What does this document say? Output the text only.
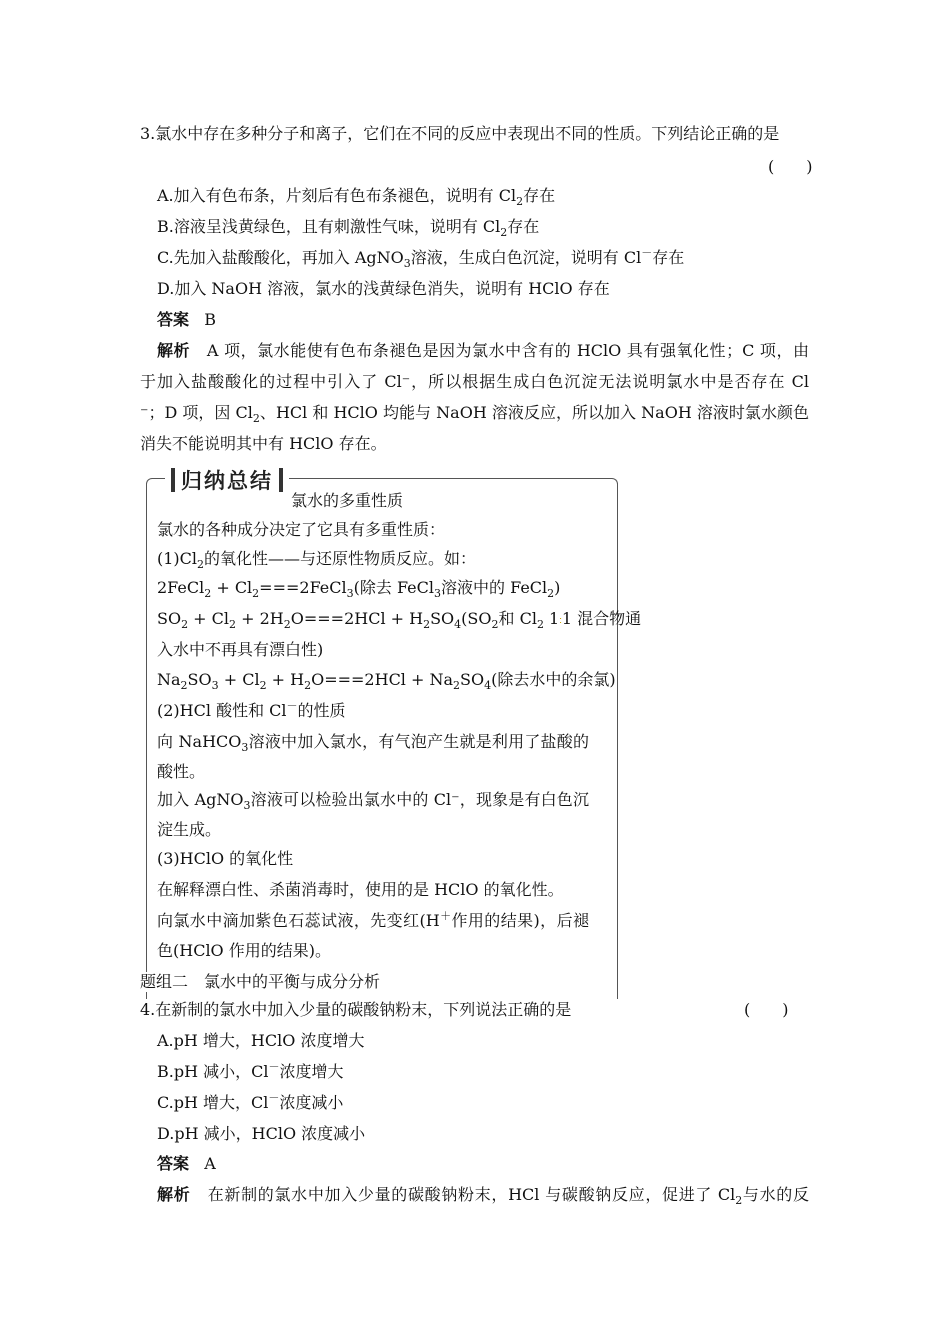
3.氯水中存在多种分子和离子，它们在不同的反应中表现出不同的性质。下列结论正确的是
(　　)
A.加入有色布条，片刻后有色布条褪色，说明有 $Cl_2$存在
B.溶液呈浅黄绿色，且有刺激性气味，说明有 $Cl_2$存在
C.先加入盐酸酸化，再加入 AgNO$_3$溶液，生成白色沉淀，说明有 Cl－存在
D.加入 NaOH 溶液，氯水的浅黄绿色消失，说明有 HClO 存在
答案 B
解析 A 项，氯水能使有色布条褪色是因为氯水中含有的 HClO 具有强氧化性；C 项，由
于加入盐酸酸化的过程中引入了 Cl⁻，所以根据生成白色沉淀无法说明氯水中是否存在 Cl
⁻；D 项，因 $Cl_2$、HCl 和 HClO 均能与 NaOH 溶液反应，所以加入 NaOH 溶液时氯水颜色
消失不能说明其中有 HClO 存在。
归纳总结
氯水的多重性质
氯水的各种成分决定了它具有多重性质：
$(1)Cl_2$的氧化性——与还原性物质反应。如：
2FeCl$_2$ + $Cl_2===2FeCl_3$(除去 FeCl$_3$溶液中的 FeCl$_2$)
$SO_2 + Cl_2 + 2H_2O===2HCl + H_2SO_4(SO_2$和 $Cl_2$ 1∶1 混合物通
入水中不再具有漂白性)
$Na_2SO_3 + Cl_2 + H_2O===2HCl + Na_2SO_4$(除去水中的余氯)
(2)HCl 酸性和 Cl－的性质
向 NaHCO$_3$溶液中加入氯水，有气泡产生就是利用了盐酸的
酸性。
加入 AgNO$_3$溶液可以检验出氯水中的 Cl⁻，现象是有白色沉
淀生成。
(3)HClO 的氧化性
在解释漂白性、杀菌消毒时，使用的是 HClO 的氧化性。
向氯水中滴加紫色石蕊试液，先变红(H＋作用的结果)，后褪
色(HClO 作用的结果)。
题组二　氯水中的平衡与成分分析
4.在新制的氯水中加入少量的碳酸钠粉末，下列说法正确的是	(　　)
A.pH 增大，HClO 浓度增大
B.pH 减小，Cl－浓度增大
C.pH 增大，Cl－浓度减小
D.pH 减小，HClO 浓度减小
答案 A
解析 在新制的氯水中加入少量的碳酸钠粉末，HCl 与碳酸钠反应，促进了 $Cl_2$与水的反
